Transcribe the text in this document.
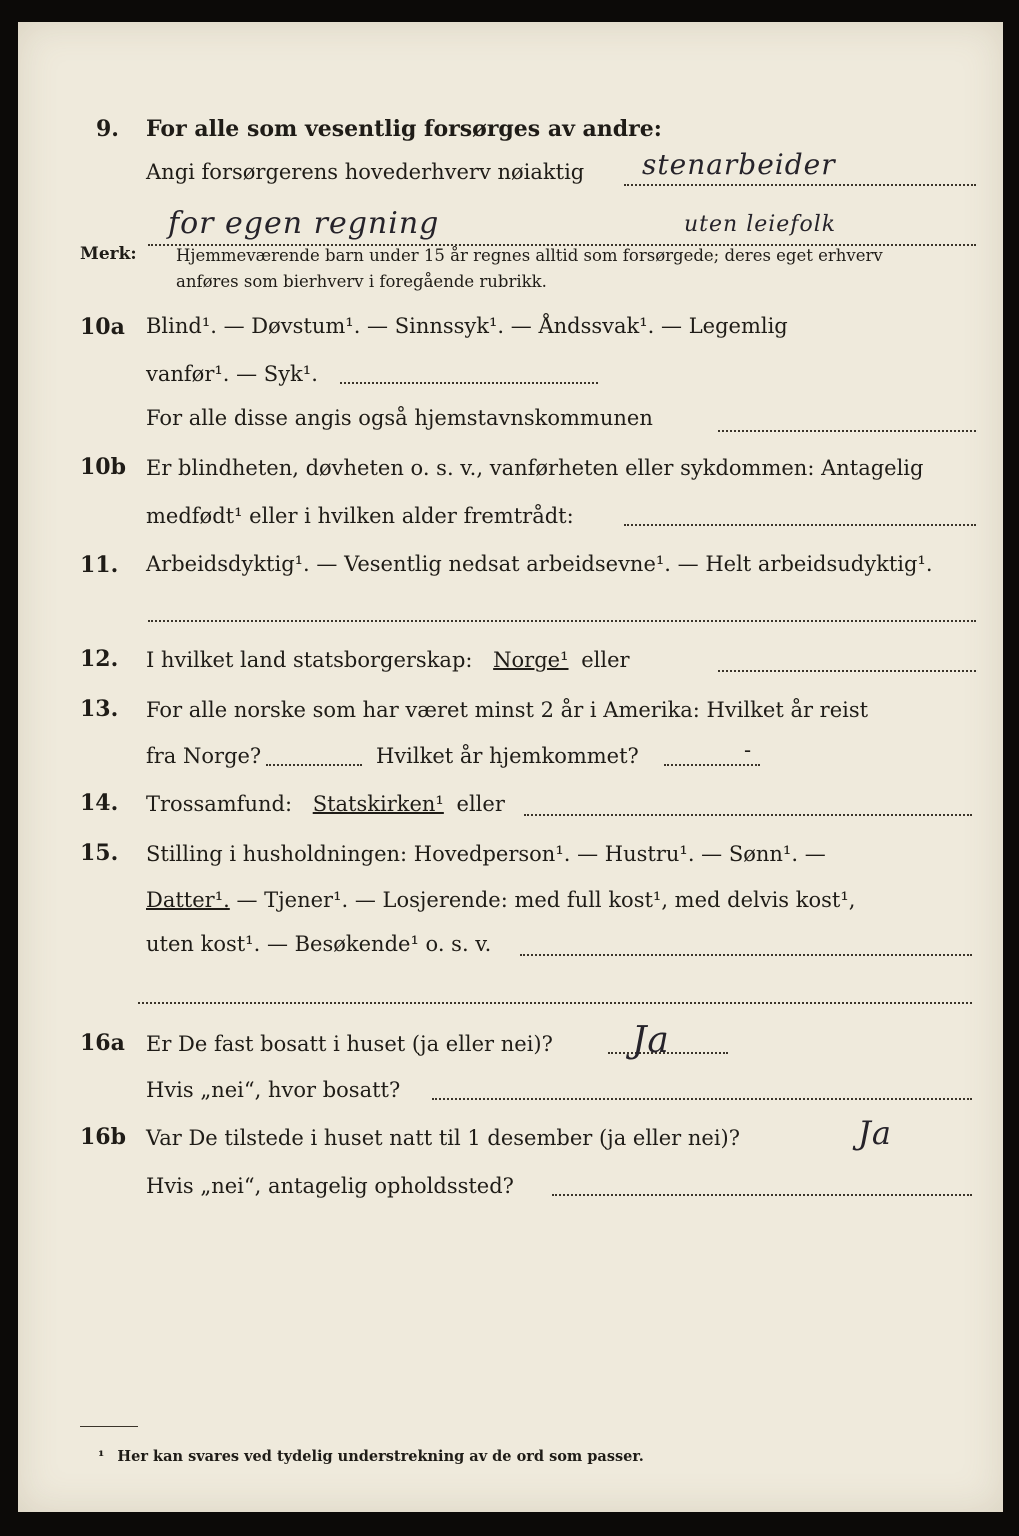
9. For alle som vesentlig forsørges av andre:
Angi forsørgerens hovederhverv nøiaktig stenarbeider
for egen regning	uten leiefolk
Merk: Hjemmeværende barn under 15 år regnes alltid som forsørgede; deres eget erhverv
anføres som bierhverv i foregående rubrikk.
10a Blind¹. — Døvstum¹. — Sinnssyk¹. — Åndssvak¹. — Legemlig
vanfør¹. — Syk¹.
For alle disse angis også hjemstavnskommunen
10b Er blindheten, døvheten o. s. v., vanførheten eller sykdommen: Antagelig
medfødt¹ eller i hvilken alder fremtrådt:
11. Arbeidsdyktig¹. — Vesentlig nedsat arbeidsevne¹. — Helt arbeidsudyktig¹.
12. I hvilket land statsborgerskap: Norge¹ eller
13. For alle norske som har været minst 2 år i Amerika: Hvilket år reist
fra Norge?	Hvilket år hjemkommet?	-
14. Trossamfund: Statskirken¹ eller
15. Stilling i husholdningen: Hovedperson¹. — Hustru¹. — Sønn¹. —
Datter¹. — Tjener¹. — Losjerende: med full kost¹, med delvis kost¹,
uten kost¹. — Besøkende¹ o. s. v.
16a Er De fast bosatt i huset (ja eller nei)? Ja
Hvis „nei“, hvor bosatt?
16b Var De tilstede i huset natt til 1 desember (ja eller nei)?	Ja
Hvis „nei“, antagelig opholdssted?
¹ Her kan svares ved tydelig understrekning av de ord som passer.
